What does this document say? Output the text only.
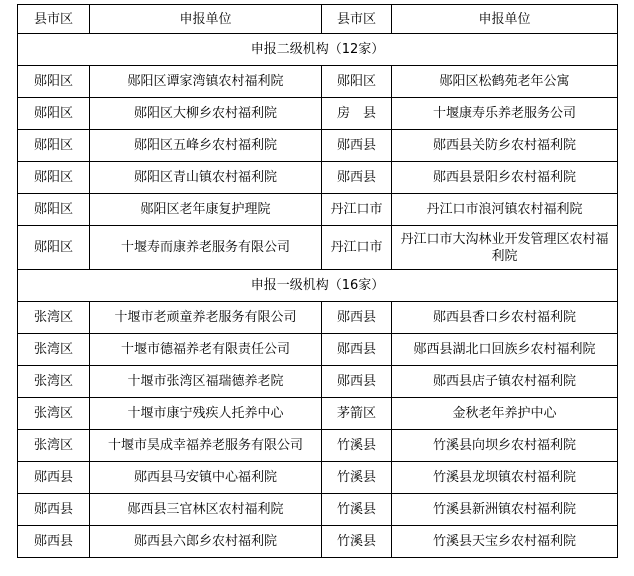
县市区	申报单位	县市区	申报单位
申报二级机构（12家）			
郧阳区	郧阳区谭家湾镇农村福利院	郧阳区	郧阳区松鹤苑老年公寓
郧阳区	郧阳区大柳乡农村福利院	房　县	十堰康寿乐养老服务公司
郧阳区	郧阳区五峰乡农村福利院	郧西县	郧西县关防乡农村福利院
郧阳区	郧阳区青山镇农村福利院	郧西县	郧西县景阳乡农村福利院
郧阳区	郧阳区老年康复护理院	丹江口市	丹江口市浪河镇农村福利院
郧阳区	十堰寿而康养老服务有限公司	丹江口市	丹江口市大沟林业开发管理区农村福利院
申报一级机构（16家）			
张湾区	十堰市老顽童养老服务有限公司	郧西县	郧西县香口乡农村福利院
张湾区	十堰市德福养老有限责任公司	郧西县	郧西县湖北口回族乡农村福利院
张湾区	十堰市张湾区福瑞德养老院	郧西县	郧西县店子镇农村福利院
张湾区	十堰市康宁残疾人托养中心	茅箭区	金秋老年养护中心
张湾区	十堰市昊成幸福养老服务有限公司	竹溪县	竹溪县向坝乡农村福利院
郧西县	郧西县马安镇中心福利院	竹溪县	竹溪县龙坝镇农村福利院
郧西县	郧西县三官林区农村福利院	竹溪县	竹溪县新洲镇农村福利院
郧西县	郧西县六郎乡农村福利院	竹溪县	竹溪县天宝乡农村福利院
